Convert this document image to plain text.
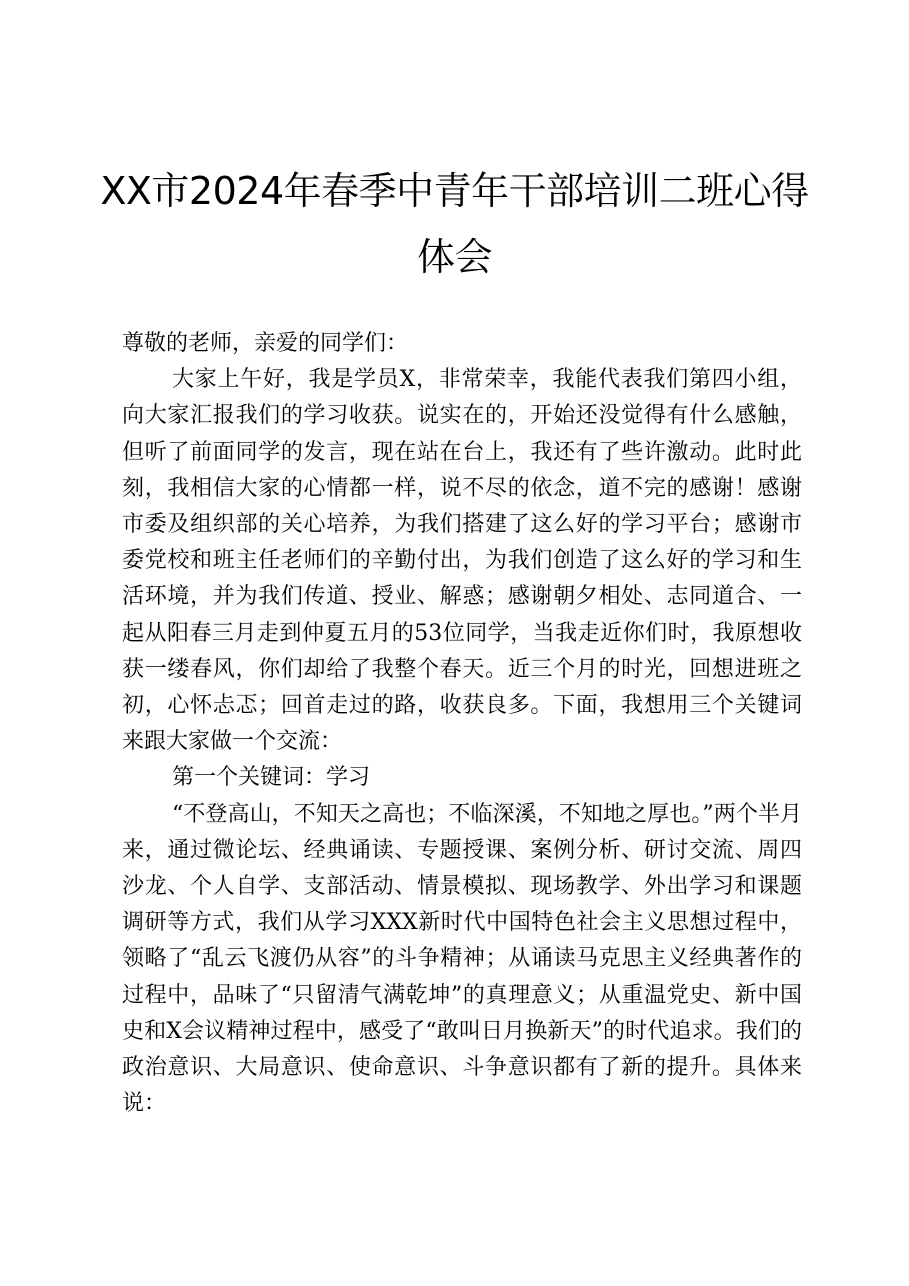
XX市2024年春季中青年干部培训二班心得体会

尊敬的老师，亲爱的同学们：

大家上午好，我是学员X，非常荣幸，我能代表我们第四小组，向大家汇报我们的学习收获。说实在的，开始还没觉得有什么感触，但听了前面同学的发言，现在站在台上，我还有了些许激动。此时此刻，我相信大家的心情都一样，说不尽的依念，道不完的感谢！感谢市委及组织部的关心培养，为我们搭建了这么好的学习平台；感谢市委党校和班主任老师们的辛勤付出，为我们创造了这么好的学习和生活环境，并为我们传道、授业、解惑；感谢朝夕相处、志同道合、一起从阳春三月走到仲夏五月的53位同学，当我走近你们时，我原想收获一缕春风，你们却给了我整个春天。近三个月的时光，回想进班之初，心怀忐忑；回首走过的路，收获良多。下面，我想用三个关键词来跟大家做一个交流：

第一个关键词：学习

“不登高山，不知天之高也；不临深溪，不知地之厚也。”两个半月来，通过微论坛、经典诵读、专题授课、案例分析、研讨交流、周四沙龙、个人自学、支部活动、情景模拟、现场教学、外出学习和课题调研等方式，我们从学习XXX新时代中国特色社会主义思想过程中，领略了“乱云飞渡仍从容”的斗争精神；从诵读马克思主义经典著作的过程中，品味了“只留清气满乾坤”的真理意义；从重温党史、新中国史和X会议精神过程中，感受了“敢叫日月换新天”的时代追求。我们的政治意识、大局意识、使命意识、斗争意识都有了新的提升。具体来说：
